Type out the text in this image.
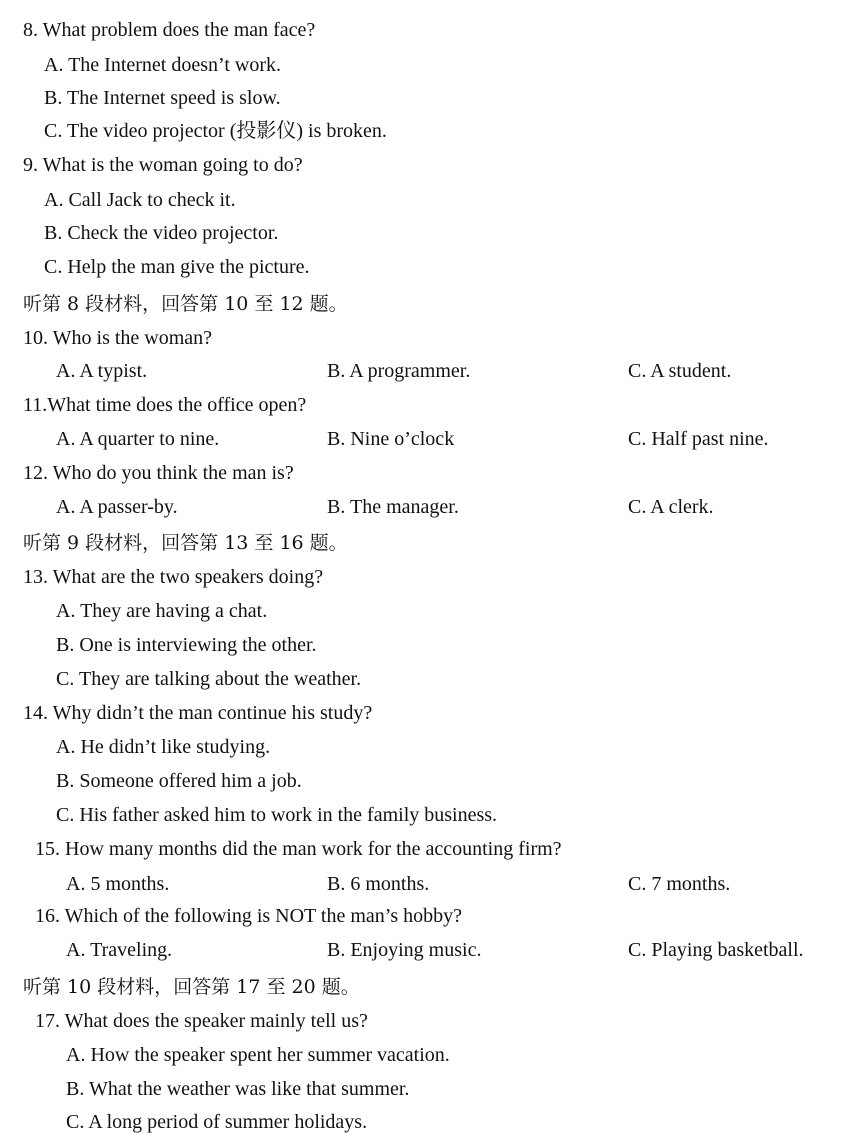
8. What problem does the man face?
A. The Internet doesn’t work.
B. The Internet speed is slow.
C. The video projector (投影仪) is broken.
9. What is the woman going to do?
A. Call Jack to check it.
B. Check the video projector.
C. Help the man give the picture.
听第 8 段材料，回答第 10 至 12 题。
10. Who is the woman?
A. A typist.	B. A programmer.	C. A student.
11.What time does the office open?
A. A quarter to nine.	B. Nine o’clock	C. Half past nine.
12. Who do you think the man is?
A. A passer-by.	B. The manager.	C. A clerk.
听第 9 段材料，回答第 13 至 16 题。
13. What are the two speakers doing?
A. They are having a chat.
B. One is interviewing the other.
C. They are talking about the weather.
14. Why didn’t the man continue his study?
A. He didn’t like studying.
B. Someone offered him a job.
C. His father asked him to work in the family business.
15. How many months did the man work for the accounting firm?
A. 5 months.	B. 6 months.	C. 7 months.
16. Which of the following is NOT the man’s hobby?
A. Traveling.	B. Enjoying music.	C. Playing basketball.
听第 10 段材料，回答第 17 至 20 题。
17. What does the speaker mainly tell us?
A. How the speaker spent her summer vacation.
B. What the weather was like that summer.
C. A long period of summer holidays.
